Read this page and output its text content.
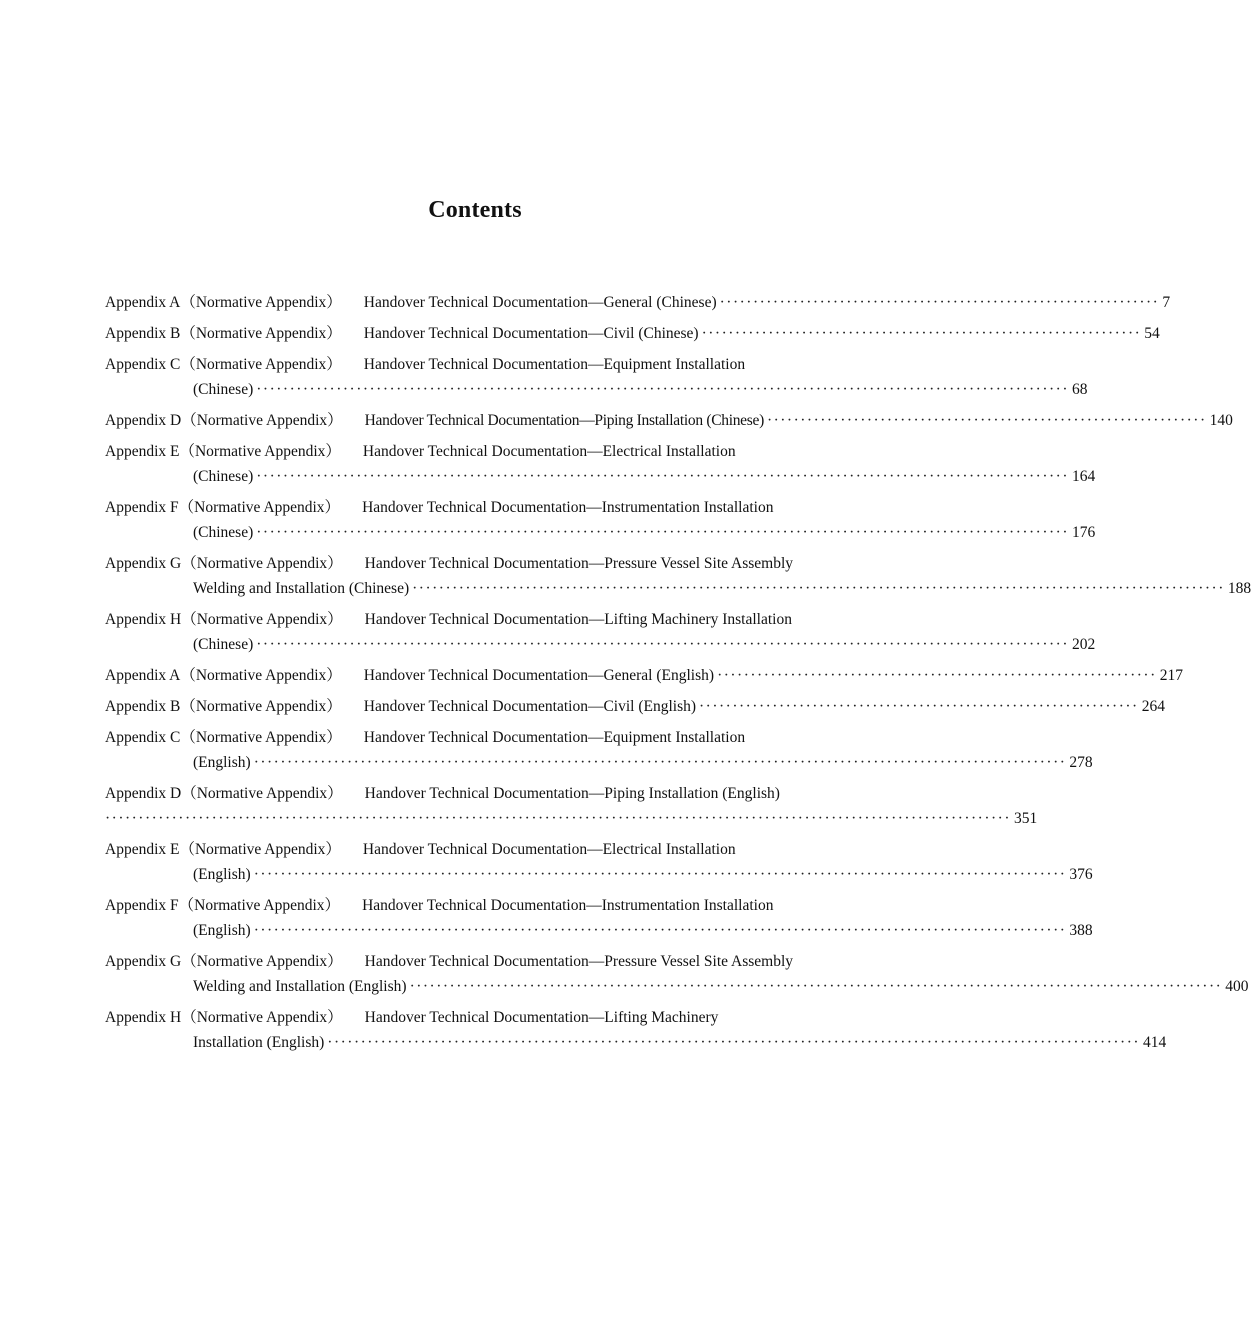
Contents
Appendix A（Normative Appendix） Handover Technical Documentation—General (Chinese) ·································································· 7
Appendix B（Normative Appendix） Handover Technical Documentation—Civil (Chinese) ·································································· 54
Appendix C（Normative Appendix） Handover Technical Documentation—Equipment Installation
(Chinese) ·························································································································· 68
Appendix D（Normative Appendix） Handover Technical Documentation—Piping Installation (Chinese) ·································································· 140
Appendix E（Normative Appendix） Handover Technical Documentation—Electrical Installation
(Chinese) ·························································································································· 164
Appendix F（Normative Appendix） Handover Technical Documentation—Instrumentation Installation
(Chinese) ·························································································································· 176
Appendix G（Normative Appendix） Handover Technical Documentation—Pressure Vessel Site Assembly
Welding and Installation (Chinese) ·························································································································· 188
Appendix H（Normative Appendix） Handover Technical Documentation—Lifting Machinery Installation
(Chinese) ·························································································································· 202
Appendix A（Normative Appendix） Handover Technical Documentation—General (English) ·································································· 217
Appendix B（Normative Appendix） Handover Technical Documentation—Civil (English) ·································································· 264
Appendix C（Normative Appendix） Handover Technical Documentation—Equipment Installation
(English) ·························································································································· 278
Appendix D（Normative Appendix） Handover Technical Documentation—Piping Installation (English)
········································································································································ 351
Appendix E（Normative Appendix） Handover Technical Documentation—Electrical Installation
(English) ·························································································································· 376
Appendix F（Normative Appendix） Handover Technical Documentation—Instrumentation Installation
(English) ·························································································································· 388
Appendix G（Normative Appendix） Handover Technical Documentation—Pressure Vessel Site Assembly
Welding and Installation (English) ·························································································································· 400
Appendix H（Normative Appendix） Handover Technical Documentation—Lifting Machinery
Installation (English) ·························································································································· 414
